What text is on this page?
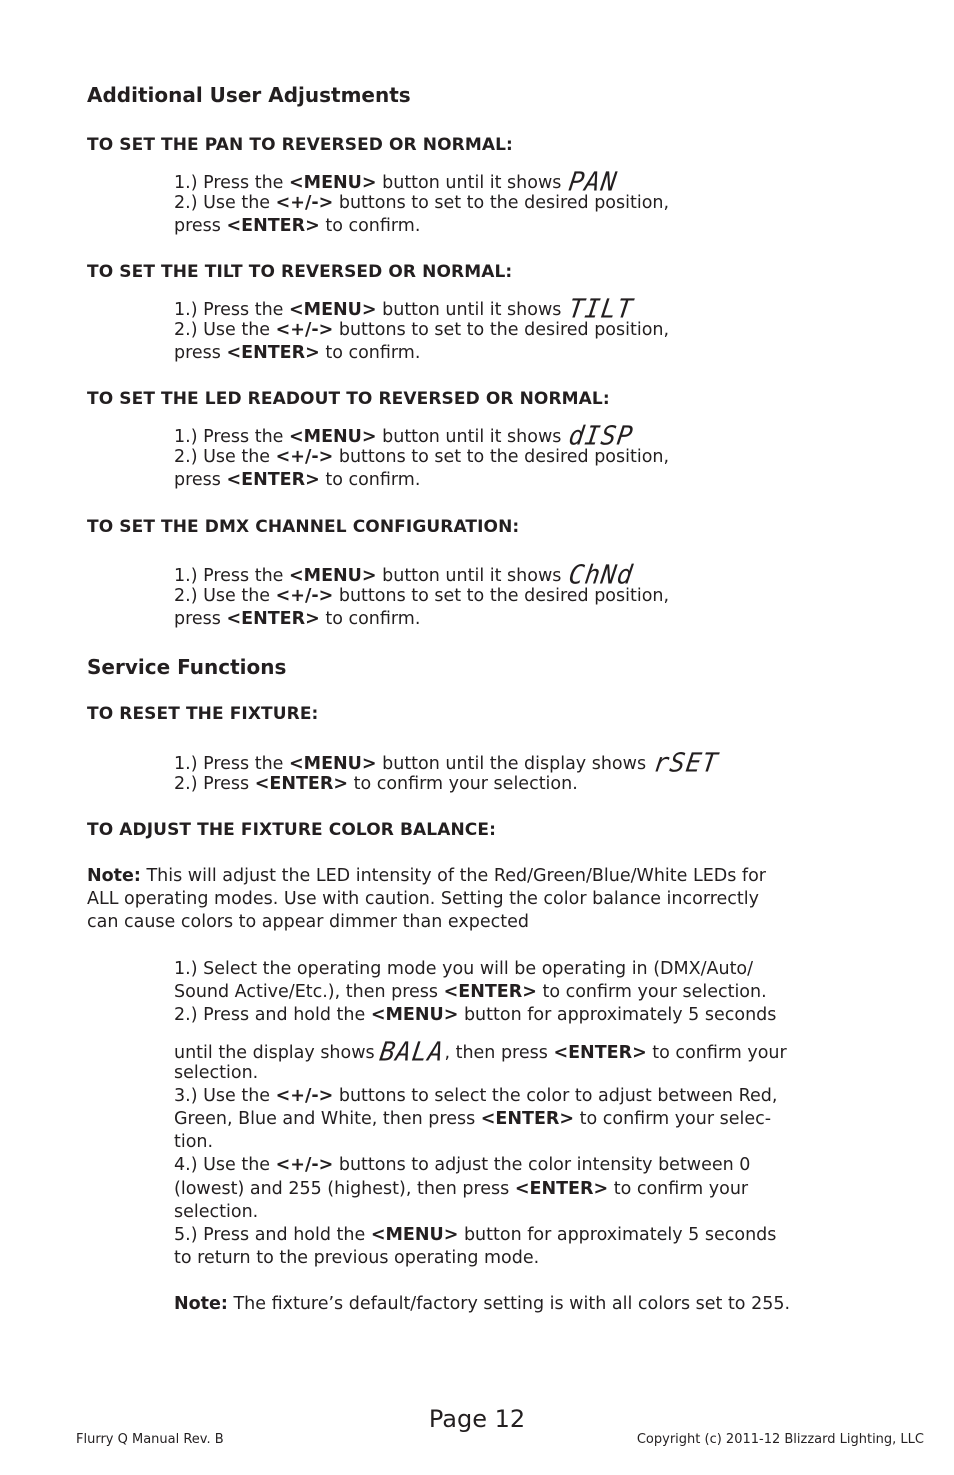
Additional User Adjustments
TO SET THE PAN TO REVERSED OR NORMAL:
1.) Press the <MENU> button until it shows PAN
2.) Use the <+/-> buttons to set to the desired position,
press <ENTER> to confirm.
TO SET THE TILT TO REVERSED OR NORMAL:
1.) Press the <MENU> button until it shows TILT
2.) Use the <+/-> buttons to set to the desired position,
press <ENTER> to confirm.
TO SET THE LED READOUT TO REVERSED OR NORMAL:
1.) Press the <MENU> button until it shows dISP
2.) Use the <+/-> buttons to set to the desired position,
press <ENTER> to confirm.
TO SET THE DMX CHANNEL CONFIGURATION:
1.) Press the <MENU> button until it shows ChNd
2.) Use the <+/-> buttons to set to the desired position,
press <ENTER> to confirm.
Service Functions
TO RESET THE FIXTURE:
1.) Press the <MENU> button until the display shows rSET
2.) Press <ENTER> to confirm your selection.
TO ADJUST THE FIXTURE COLOR BALANCE:
Note: This will adjust the LED intensity of the Red/Green/Blue/White LEDs for
ALL operating modes. Use with caution. Setting the color balance incorrectly
can cause colors to appear dimmer than expected
1.) Select the operating mode you will be operating in (DMX/Auto/
Sound Active/Etc.), then press <ENTER> to confirm your selection.
2.) Press and hold the <MENU> button for approximately 5 seconds
until the display shows BALA, then press <ENTER> to confirm your
selection.
3.) Use the <+/-> buttons to select the color to adjust between Red,
Green, Blue and White, then press <ENTER> to confirm your selec-
tion.
4.) Use the <+/-> buttons to adjust the color intensity between 0
(lowest) and 255 (highest), then press <ENTER> to confirm your
selection.
5.) Press and hold the <MENU> button for approximately 5 seconds
to return to the previous operating mode.
Note: The fixture’s default/factory setting is with all colors set to 255.
Page 12
Flurry Q Manual Rev. B	Copyright (c) 2011-12 Blizzard Lighting, LLC
